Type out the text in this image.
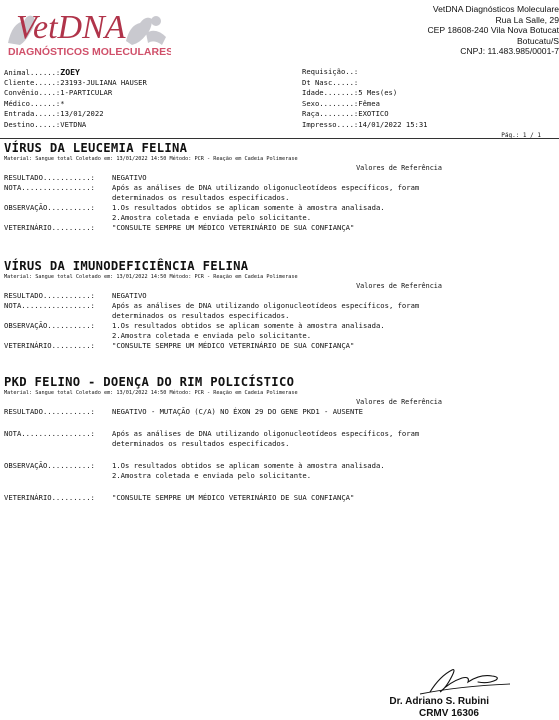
VetDNA
DIAGNÓSTICOS MOLECULARES
VetDNA Diagnósticos Moleculare
Rua La Salle, 29
CEP 18608-240 Vila Nova Botucat
Botucatu/S
CNPJ: 11.483.985/0001-7
Animal......:ZOEY
Cliente.....:23193-JULIANA HAUSER
Convênio....:1-PARTICULAR
Médico......:*
Entrada.....:13/01/2022
Destino.....:VETDNA
Requisição..:
Dt Nasc.....:
Idade.......:5 Mes(es)
Sexo........:Fêmea
Raça........:EXOTICO
Impresso....:14/01/2022 15:31
Pág.: 1 / 1
VÍRUS DA LEUCEMIA FELINA
Material: Sangue total Coletado em: 13/01/2022 14:50 Método: PCR - Reação em Cadeia Polimerase
Valores de Referência
RESULTADO...........:	NEGATIVO
NOTA................:	Após as análises de DNA utilizando oligonucleotídeos específicos, foram
determinados os resultados especificados.
OBSERVAÇÃO..........:	1.Os resultados obtidos se aplicam somente à amostra analisada.
2.Amostra coletada e enviada pelo solicitante.
VETERINÁRIO.........:	"CONSULTE SEMPRE UM MÉDICO VETERINÁRIO DE SUA CONFIANÇA"
VÍRUS DA IMUNODEFICIÊNCIA FELINA
Material: Sangue total Coletado em: 13/01/2022 14:50 Método: PCR - Reação em Cadeia Polimerase
Valores de Referência
RESULTADO...........:	NEGATIVO
NOTA................:	Após as análises de DNA utilizando oligonucleotídeos específicos, foram
determinados os resultados especificados.
OBSERVAÇÃO..........:	1.Os resultados obtidos se aplicam somente à amostra analisada.
2.Amostra coletada e enviada pelo solicitante.
VETERINÁRIO.........:	"CONSULTE SEMPRE UM MÉDICO VETERINÁRIO DE SUA CONFIANÇA"
PKD FELINO - DOENÇA DO RIM POLICÍSTICO
Material: Sangue total Coletado em: 13/01/2022 14:50 Método: PCR - Reação em Cadeia Polimerase
Valores de Referência
RESULTADO...........:	NEGATIVO - MUTAÇÃO (C/A) NO ÉXON 29 DO GENE PKD1 - AUSENTE
NOTA................:	Após as análises de DNA utilizando oligonucleotídeos específicos, foram
determinados os resultados especificados.
OBSERVAÇÃO..........:	1.Os resultados obtidos se aplicam somente à amostra analisada.
2.Amostra coletada e enviada pelo solicitante.
VETERINÁRIO.........:	"CONSULTE SEMPRE UM MÉDICO VETERINÁRIO DE SUA CONFIANÇA"
Dr. Adriano S. Rubini
CRMV 16306
